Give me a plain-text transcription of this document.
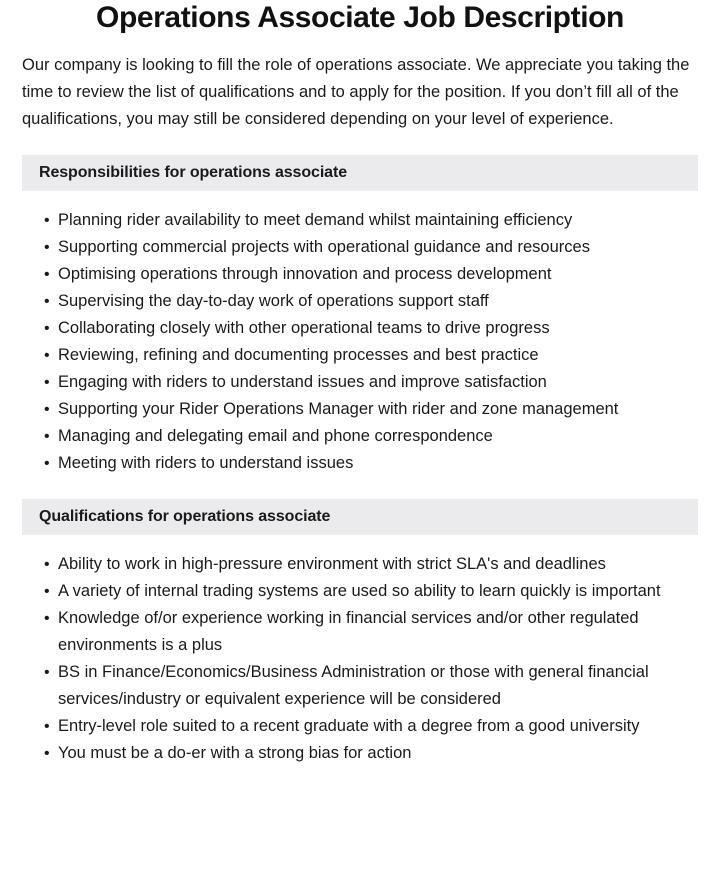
Operations Associate Job Description

Our company is looking to fill the role of operations associate. We appreciate you taking the time to review the list of qualifications and to apply for the position. If you don’t fill all of the qualifications, you may still be considered depending on your level of experience.

Responsibilities for operations associate
• Planning rider availability to meet demand whilst maintaining efficiency
• Supporting commercial projects with operational guidance and resources
• Optimising operations through innovation and process development
• Supervising the day-to-day work of operations support staff
• Collaborating closely with other operational teams to drive progress
• Reviewing, refining and documenting processes and best practice
• Engaging with riders to understand issues and improve satisfaction
• Supporting your Rider Operations Manager with rider and zone management
• Managing and delegating email and phone correspondence
• Meeting with riders to understand issues
Qualifications for operations associate
• Ability to work in high-pressure environment with strict SLA's and deadlines
• A variety of internal trading systems are used so ability to learn quickly is important
• Knowledge of/or experience working in financial services and/or other regulated environments is a plus
• BS in Finance/Economics/Business Administration or those with general financial services/industry or equivalent experience will be considered
• Entry-level role suited to a recent graduate with a degree from a good university
• You must be a do-er with a strong bias for action
